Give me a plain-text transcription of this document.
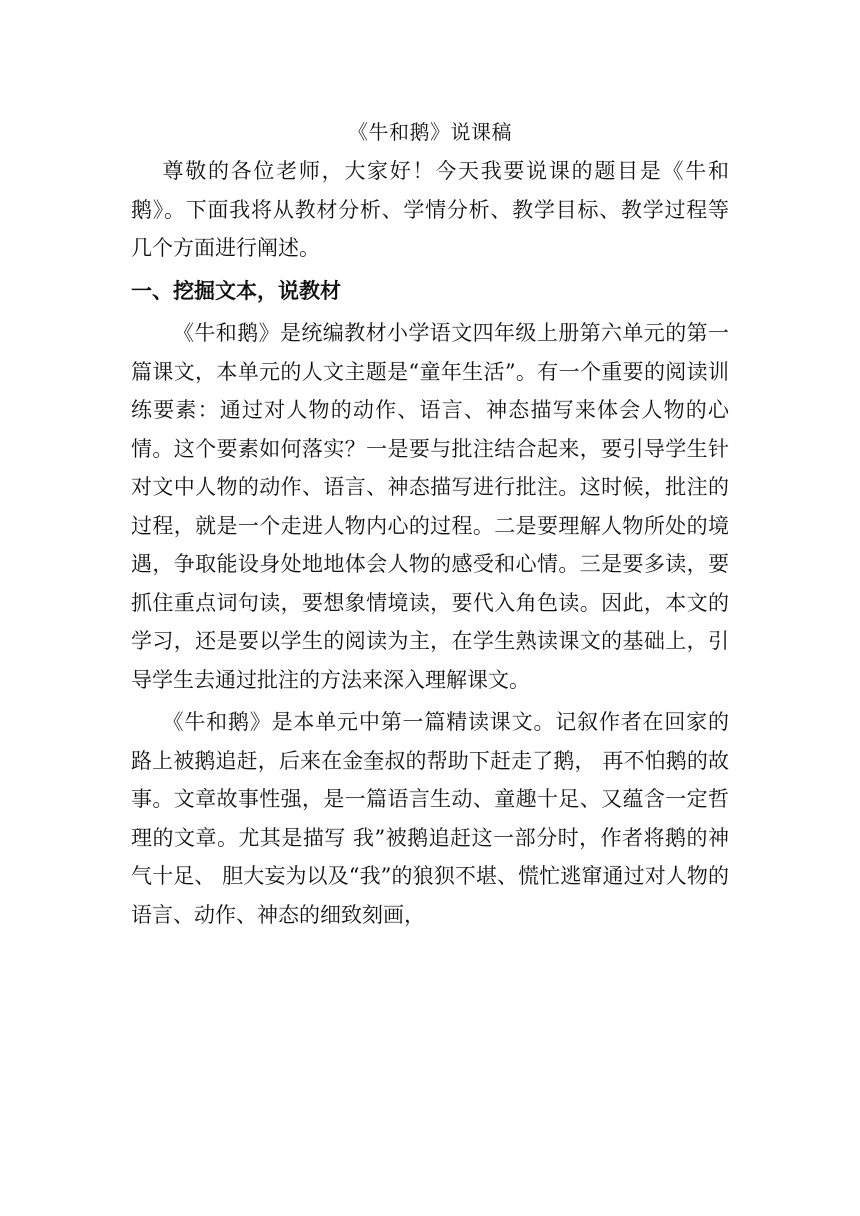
《牛和鹅》说课稿
尊敬的各位老师，大家好！今天我要说课的题目是《牛和鹅》。下面我将从教材分析、学情分析、教学目标、教学过程等几个方面进行阐述。
一、挖掘文本，说教材
《牛和鹅》是统编教材小学语文四年级上册第六单元的第一篇课文，本单元的人文主题是“童年生活”。有一个重要的阅读训练要素：通过对人物的动作、语言、神态描写来体会人物的心情。这个要素如何落实？一是要与批注结合起来，要引导学生针对文中人物的动作、语言、神态描写进行批注。这时候，批注的过程，就是一个走进人物内心的过程。二是要理解人物所处的境遇，争取能设身处地地体会人物的感受和心情。三是要多读，要抓住重点词句读，要想象情境读，要代入角色读。因此，本文的学习，还是要以学生的阅读为主，在学生熟读课文的基础上，引导学生去通过批注的方法来深入理解课文。
《牛和鹅》是本单元中第一篇精读课文。记叙作者在回家的路上被鹅追赶，后来在金奎叔的帮助下赶走了鹅， 再不怕鹅的故事。文章故事性强，是一篇语言生动、童趣十足、又蕴含一定哲理的文章。尤其是描写 我”被鹅追赶这一部分时，作者将鹅的神气十足、 胆大妄为以及“我”的狼狈不堪、慌忙逃窜通过对人物的语言、动作、神态的细致刻画，
